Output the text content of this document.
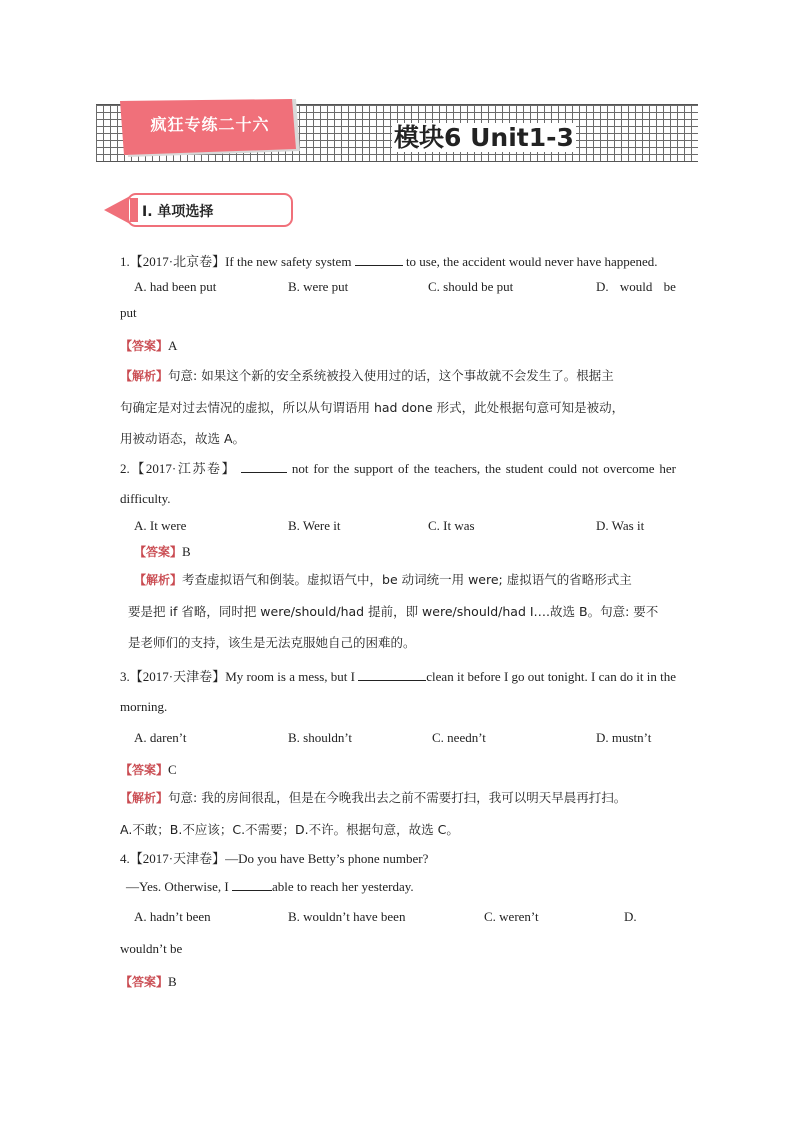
疯狂专练二十六	模块6 Unit1-3
Ⅰ. 单项选择

1.【2017·北京卷】If the new safety system	to use, the accident would never have happened.

A. had been put	B. were put	C. should be put	D. would be

put

【答案】A

【解析】句意: 如果这个新的安全系统被投入使用过的话，这个事故就不会发生了。根据主
句确定是对过去情况的虚拟，所以从句谓语用 had done 形式，此处根据句意可知是被动，
用被动语态，故选 A。

2.【2017·江苏卷】	not for the support of the teachers, the student could not overcome her difficulty.

A. It were	B. Were it	C. It was	D. Was it

【答案】B

【解析】考查虚拟语气和倒装。虚拟语气中，be 动词统一用 were; 虚拟语气的省略形式主
要是把 if 省略，同时把 were/should/had 提前，即 were/should/had I….故选 B。句意: 要不
是老师们的支持，该生是无法克服她自己的困难的。

3.【2017·天津卷】My room is a mess, but I	clean it before I go out tonight. I can do it in the morning.

A. daren’t	B. shouldn’t	C. needn’t	D. mustn’t

【答案】C

【解析】句意: 我的房间很乱，但是在今晚我出去之前不需要打扫，我可以明天早晨再打扫。
A.不敢；B.不应该；C.不需要；D.不许。根据句意，故选 C。

4.【2017·天津卷】—Do you have Betty’s phone number?

—Yes. Otherwise, I	able to reach her yesterday.

A. hadn’t been	B. wouldn’t have been	C. weren’t	D.

wouldn’t be

【答案】B
